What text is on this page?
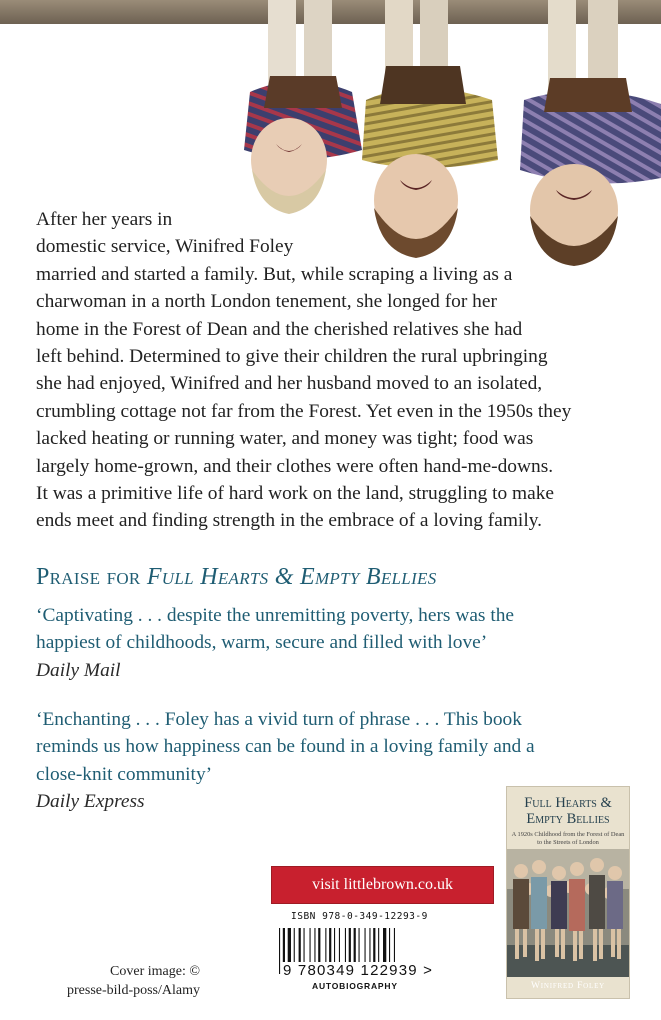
After her years in
domestic service, Winifred Foley
married and started a family. But, while scraping a living as a
charwoman in a north London tenement, she longed for her
home in the Forest of Dean and the cherished relatives she had
left behind. Determined to give their children the rural upbringing
she had enjoyed, Winifred and her husband moved to an isolated,
crumbling cottage not far from the Forest. Yet even in the 1950s they
lacked heating or running water, and money was tight; food was
largely home-grown, and their clothes were often hand-me-downs.
It was a primitive life of hard work on the land, struggling to make
ends meet and finding strength in the embrace of a loving family.

Praise for Full Hearts & Empty Bellies
‘Captivating . . . despite the unremitting poverty, hers was the
happiest of childhoods, warm, secure and filled with love’
Daily Mail
‘Enchanting . . . Foley has a vivid turn of phrase . . . This book
reminds us how happiness can be found in a loving family and a
close-knit community’
Daily Express
visit littlebrown.co.uk

ISBN 978-0-349-12293-9

9 780349 122939 >

AUTOBIOGRAPHY

Cover image: ©
presse-bild-poss/Alamy

Full Hearts &
Empty Bellies

A 1920s Childhood from the Forest of Dean
to the Streets of London

Winifred Foley
